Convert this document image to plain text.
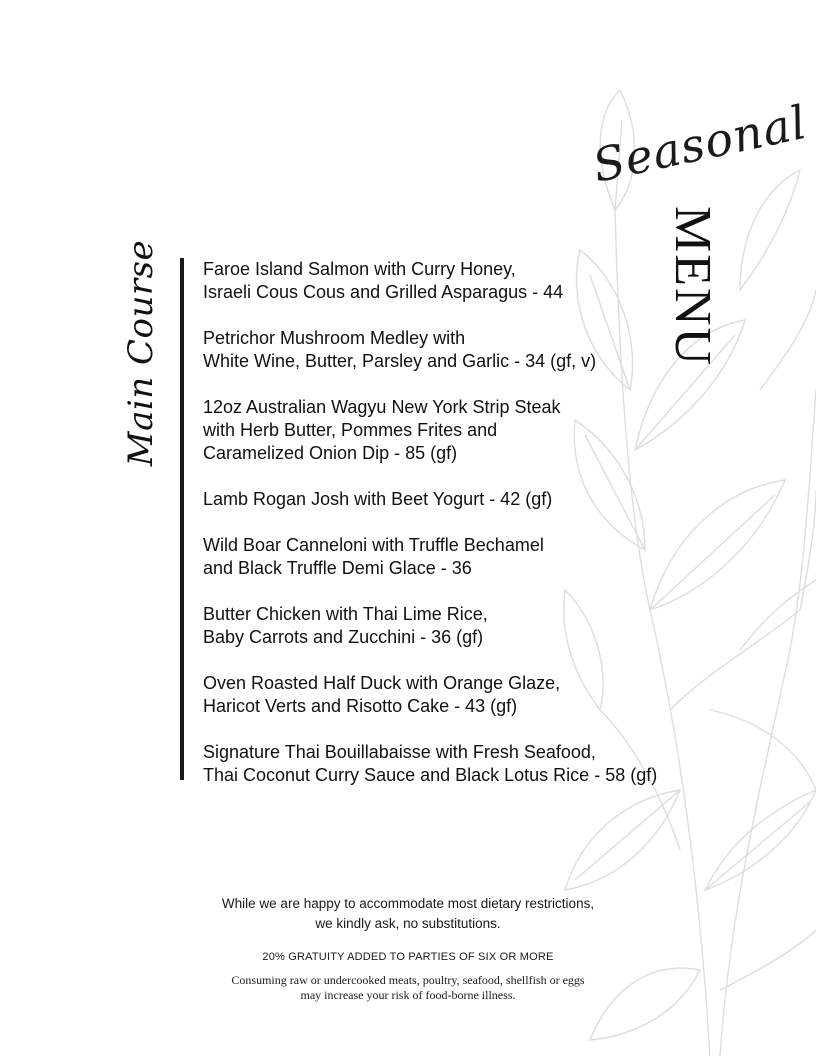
Seasonal
MENU
Main Course Faroe Island Salmon with Curry Honey,
Israeli Cous Cous and Grilled Asparagus - 44
Petrichor Mushroom Medley with
White Wine, Butter, Parsley and Garlic - 34 (gf, v)
12oz Australian Wagyu New York Strip Steak
with Herb Butter, Pommes Frites and
Caramelized Onion Dip - 85 (gf)
Lamb Rogan Josh with Beet Yogurt - 42 (gf)
Wild Boar Canneloni with Truffle Bechamel
and Black Truffle Demi Glace - 36
Butter Chicken with Thai Lime Rice,
Baby Carrots and Zucchini - 36 (gf)
Oven Roasted Half Duck with Orange Glaze,
Haricot Verts and Risotto Cake - 43 (gf)
Signature Thai Bouillabaisse with Fresh Seafood,
Thai Coconut Curry Sauce and Black Lotus Rice - 58 (gf)
While we are happy to accommodate most dietary restrictions,
we kindly ask, no substitutions.
20% GRATUITY ADDED TO PARTIES OF SIX OR MORE
Consuming raw or undercooked meats, poultry, seafood, shellfish or eggs
may increase your risk of food-borne illness.
